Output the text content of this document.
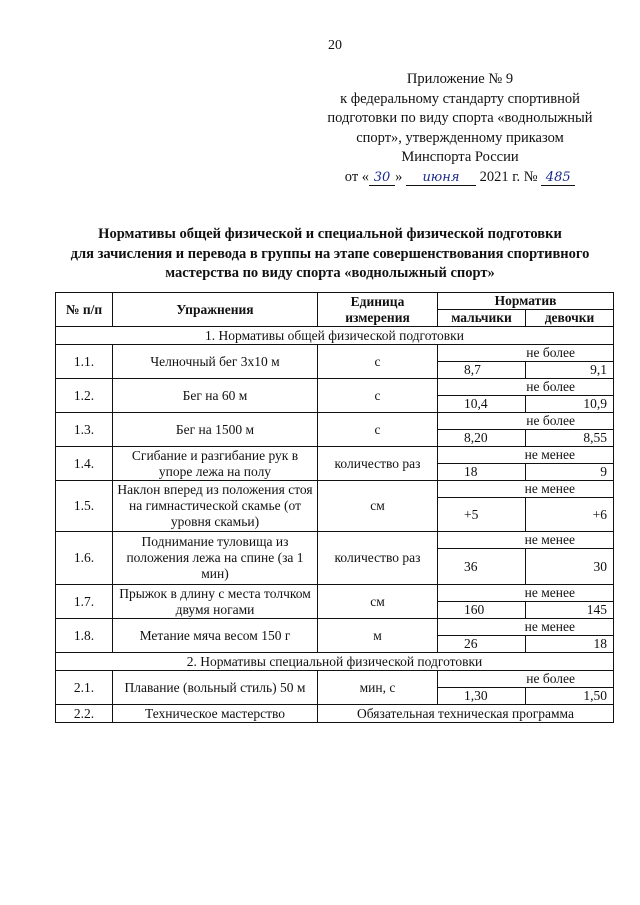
20
Приложение № 9
к федеральному стандарту спортивной
подготовки по виду спорта «воднолыжный
спорт», утвержденному приказом
Минспорта России
от « 30 » июня 2021 г. № 485
Нормативы общей физической и специальной физической подготовки
для зачисления и перевода в группы на этапе совершенствования спортивного
мастерства по виду спорта «воднолыжный спорт»
№ п/п	Упражнения	Единица измерения	Норматив	
			мальчики	девочки
1. Нормативы общей физической подготовки				
1.1.	Челночный бег 3х10 м	с	не более	
			8,7	9,1
1.2.	Бег на 60 м	с	не более	
			10,4	10,9
1.3.	Бег на 1500 м	с	не более	
			8,20	8,55
1.4.	Сгибание и разгибание рук в упоре лежа на полу	количество раз	не менее	
			18	9
1.5.	Наклон вперед из положения стоя на гимнастической скамье (от уровня скамьи)	см	не менее	
			+5	+6
1.6.	Поднимание туловища из положения лежа на спине (за 1 мин)	количество раз	не менее	
			36	30
1.7.	Прыжок в длину с места толчком двумя ногами	см	не менее	
			160	145
1.8.	Метание мяча весом 150 г	м	не менее	
			26	18
2. Нормативы специальной физической подготовки				
2.1.	Плавание (вольный стиль) 50 м	мин, с	не более	
			1,30	1,50
2.2.	Техническое мастерство	Обязательная техническая программа		
